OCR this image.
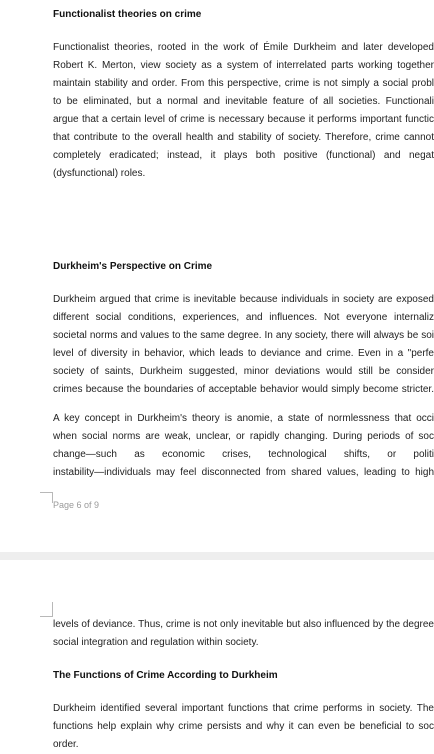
Functionalist theories on crime
Functionalist theories, rooted in the work of Émile Durkheim and later developed
Robert K. Merton, view society as a system of interrelated parts working together
maintain stability and order. From this perspective, crime is not simply a social probl
to be eliminated, but a normal and inevitable feature of all societies. Functionali
argue that a certain level of crime is necessary because it performs important functic
that contribute to the overall health and stability of society. Therefore, crime cannot
completely eradicated; instead, it plays both positive (functional) and negat
(dysfunctional) roles.
Durkheim's Perspective on Crime
Durkheim argued that crime is inevitable because individuals in society are exposed
different social conditions, experiences, and influences. Not everyone internaliz
societal norms and values to the same degree. In any society, there will always be soi
level of diversity in behavior, which leads to deviance and crime. Even in a "perfe
society of saints, Durkheim suggested, minor deviations would still be consider
crimes because the boundaries of acceptable behavior would simply become stricter.
A key concept in Durkheim's theory is anomie, a state of normlessness that occi
when social norms are weak, unclear, or rapidly changing. During periods of soc
change—such as economic crises, technological shifts, or politi
instability—individuals may feel disconnected from shared values, leading to high
Page 6 of 9
levels of deviance. Thus, crime is not only inevitable but also influenced by the degree
social integration and regulation within society.
The Functions of Crime According to Durkheim
Durkheim identified several important functions that crime performs in society. The
functions help explain why crime persists and why it can even be beneficial to soc
order.
